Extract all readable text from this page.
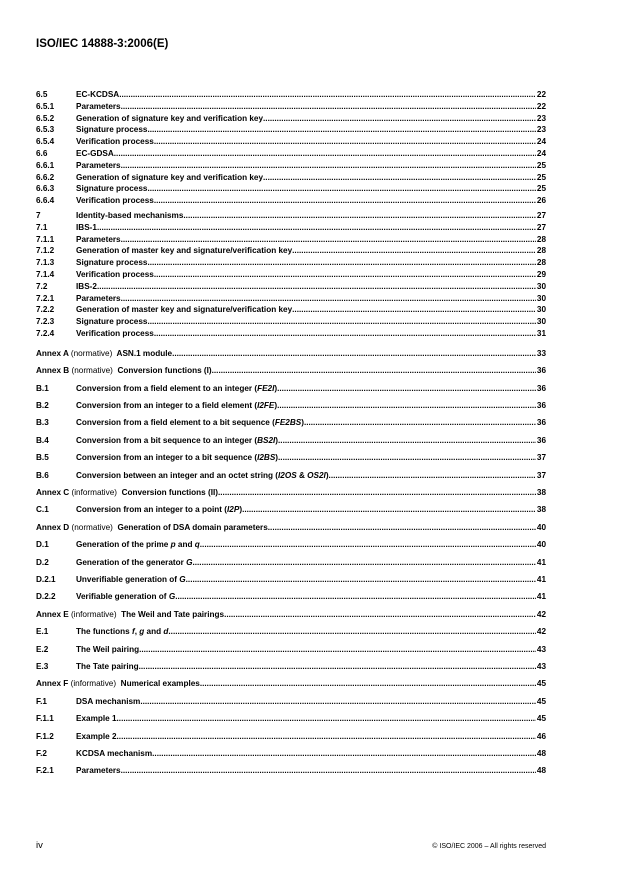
ISO/IEC 14888-3:2006(E)
6.5	EC-KCDSA .....	22
6.5.1	Parameters .....	22
6.5.2	Generation of signature key and verification key .....	23
6.5.3	Signature process .....	23
6.5.4	Verification process .....	24
6.6	EC-GDSA .....	24
6.6.1	Parameters .....	25
6.6.2	Generation of signature key and verification key .....	25
6.6.3	Signature process .....	25
6.6.4	Verification process .....	26
7	Identity-based mechanisms .....	27
7.1	IBS-1 .....	27
7.1.1	Parameters .....	28
7.1.2	Generation of master key and signature/verification key .....	28
7.1.3	Signature process .....	28
7.1.4	Verification process .....	29
7.2	IBS-2 .....	30
7.2.1	Parameters .....	30
7.2.2	Generation of master key and signature/verification key .....	30
7.2.3	Signature process .....	30
7.2.4	Verification process .....	31
Annex A (normative) ASN.1 module .....	33
Annex B (normative) Conversion functions (I) .....	36
B.1	Conversion from a field element to an integer (FE2I) .....	36
B.2	Conversion from an integer to a field element (I2FE) .....	36
B.3	Conversion from a field element to a bit sequence (FE2BS) .....	36
B.4	Conversion from a bit sequence to an integer (BS2I) .....	36
B.5	Conversion from an integer to a bit sequence (I2BS) .....	37
B.6	Conversion between an integer and an octet string (I2OS & OS2I) .....	37
Annex C (informative) Conversion functions (II) .....	38
C.1	Conversion from an integer to a point (I2P) .....	38
Annex D (normative) Generation of DSA domain parameters .....	40
D.1	Generation of the prime p and q. .....	40
D.2	Generation of the generator G .....	41
D.2.1	Unverifiable generation of G .....	41
D.2.2	Verifiable generation of G .....	41
Annex E (informative) The Weil and Tate pairings .....	42
E.1	The functions f, g and d .....	42
E.2	The Weil pairing .....	43
E.3	The Tate pairing .....	43
Annex F (informative) Numerical examples .....	45
F.1	DSA mechanism .....	45
F.1.1	Example 1 .....	45
F.1.2	Example 2 .....	46
F.2	KCDSA mechanism .....	48
F.2.1	Parameters .....	48
iv	© ISO/IEC 2006 – All rights reserved
